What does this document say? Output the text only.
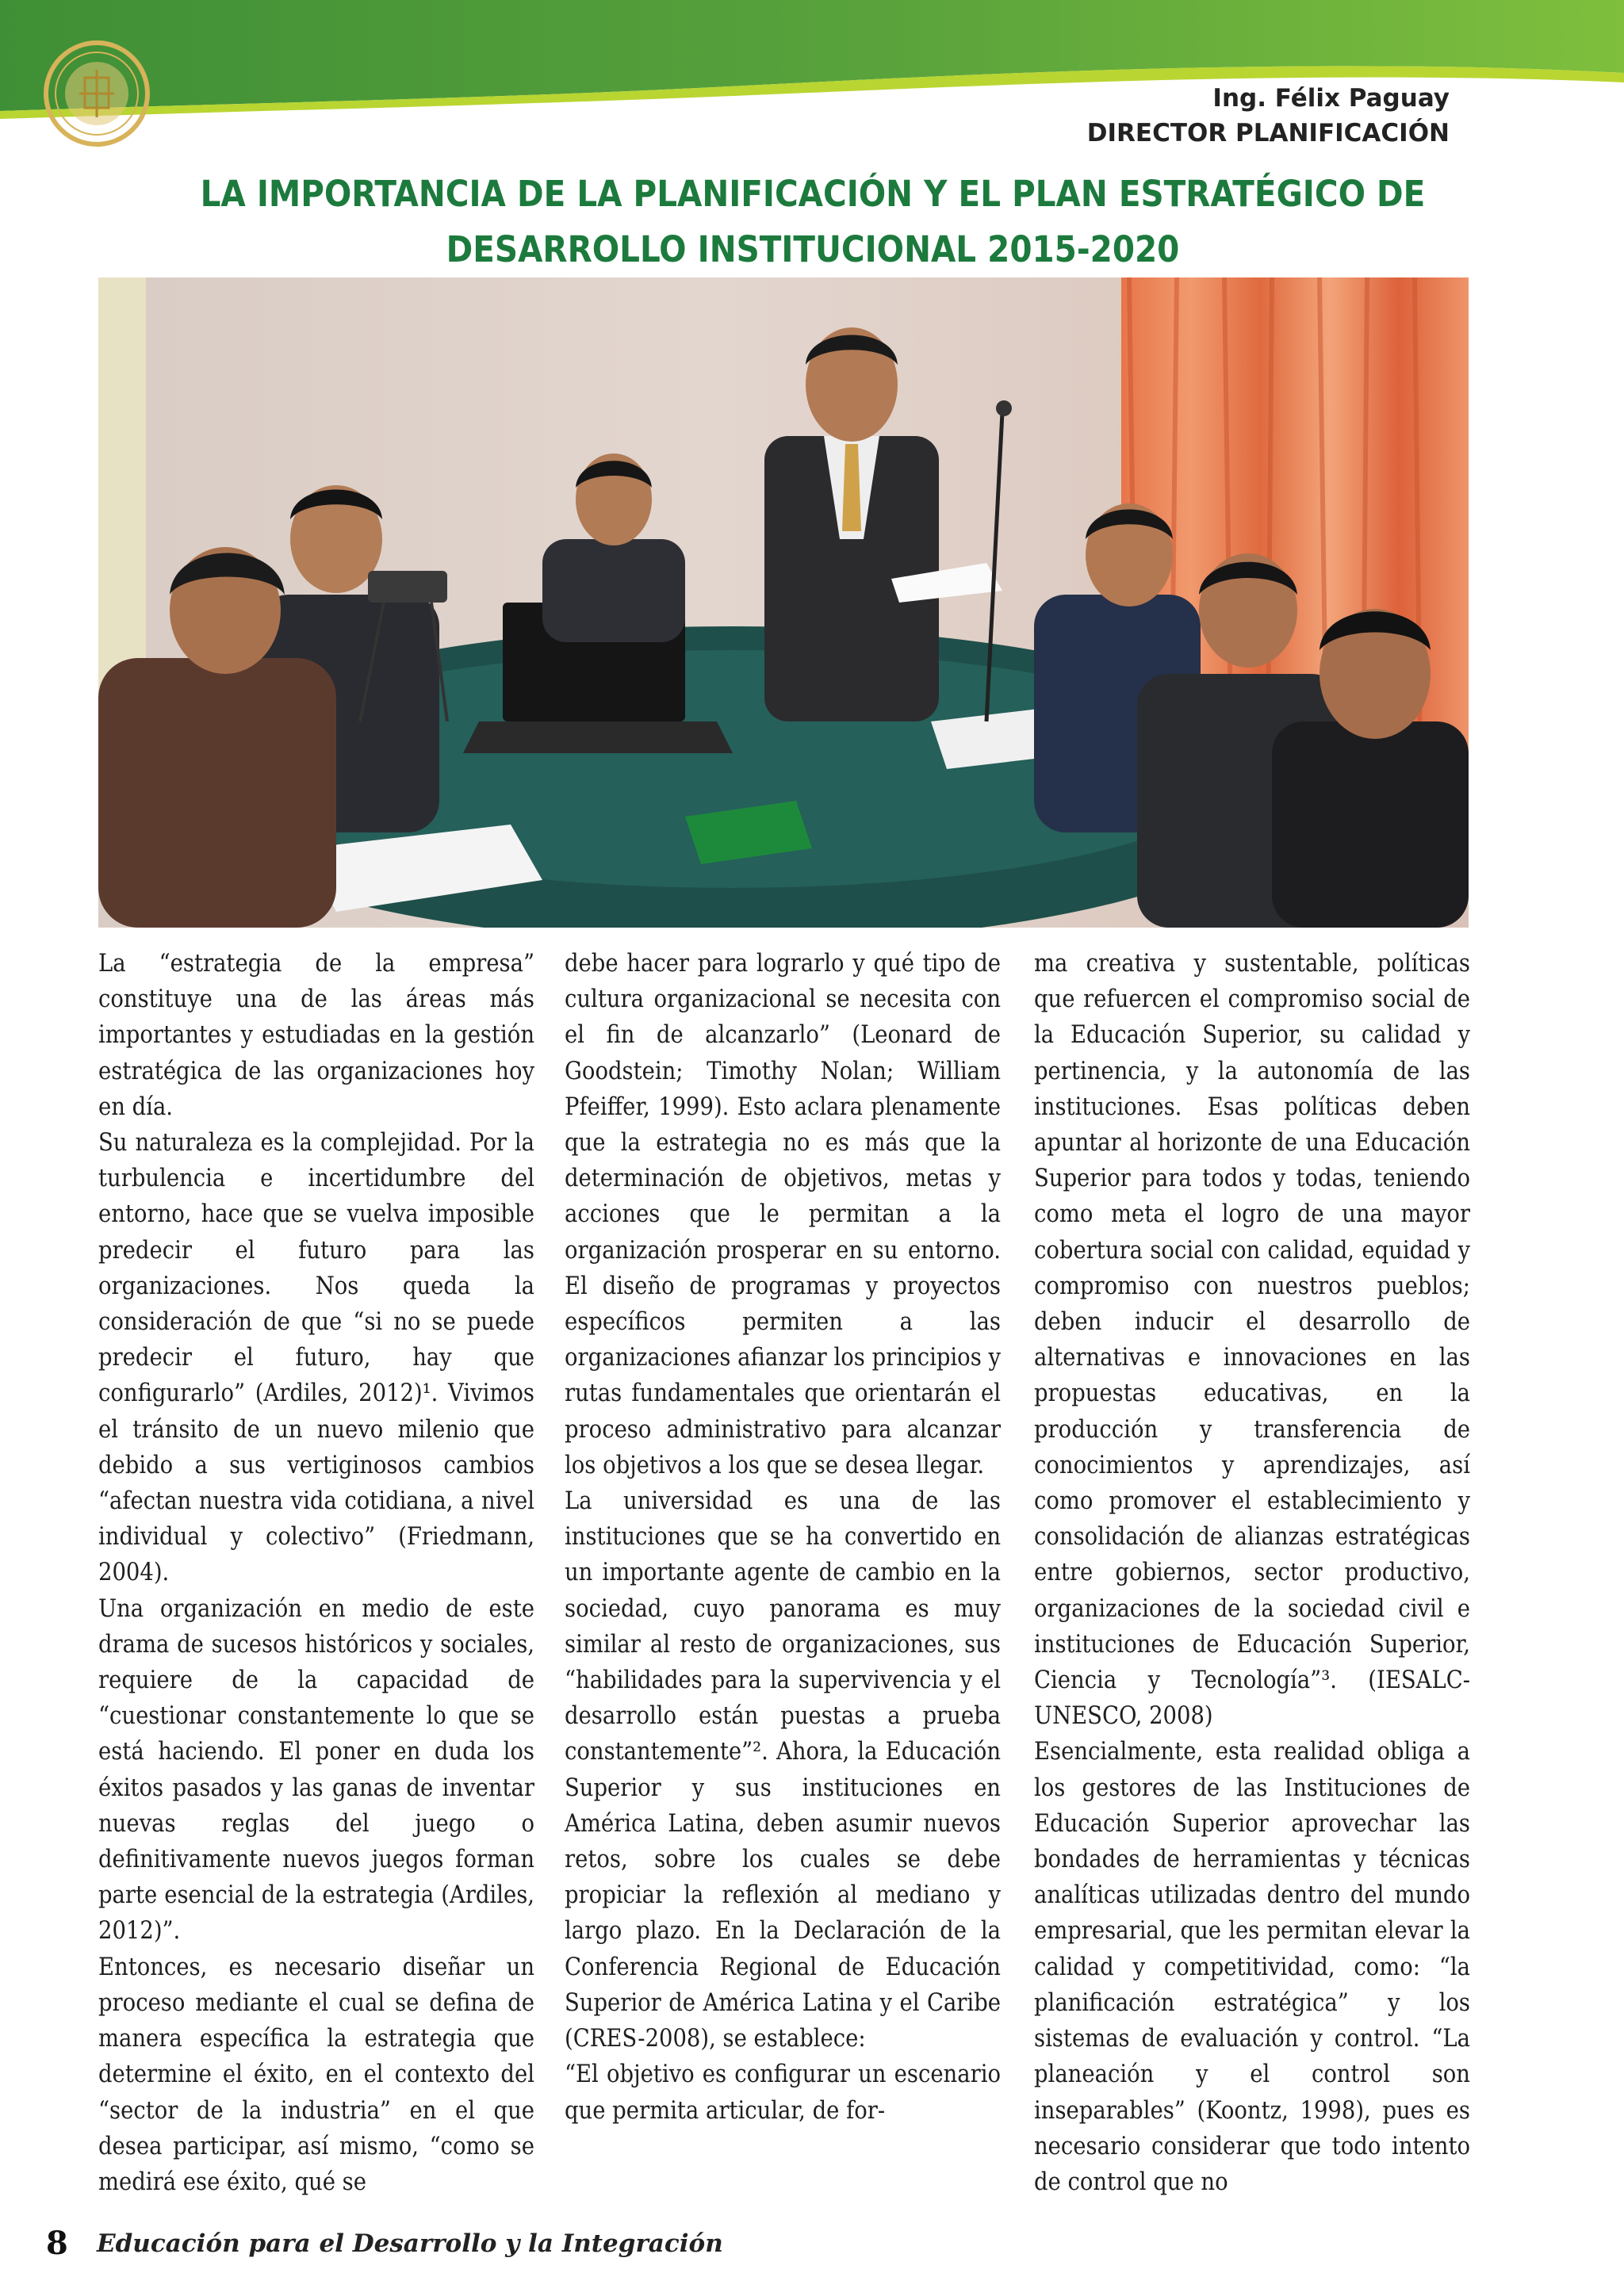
Ing. Félix Paguay
DIRECTOR PLANIFICACIÓN
LA IMPORTANCIA DE LA PLANIFICACIÓN Y EL PLAN ESTRATÉGICO DE
DESARROLLO INSTITUCIONAL 2015-2020

La “estrategia de la empresa” constituye una de las áreas más importantes y estudiadas en la gestión estratégica de las organizaciones hoy en día.

Su naturaleza es la complejidad. Por la turbulencia e incertidumbre del entorno, hace que se vuelva imposible predecir el futuro para las organizaciones. Nos queda la consideración de que “si no se puede predecir el futuro, hay que configurarlo” (Ardiles, 2012)¹. Vivimos el tránsito de un nuevo milenio que debido a sus vertiginosos cambios “afectan nuestra vida cotidiana, a nivel individual y colectivo” (Friedmann, 2004).

Una organización en medio de este drama de sucesos históricos y sociales, requiere de la capacidad de “cuestionar constantemente lo que se está haciendo. El poner en duda los éxitos pasados y las ganas de inventar nuevas reglas del juego o definitivamente nuevos juegos forman parte esencial de la estrategia (Ardiles, 2012)”.

Entonces, es necesario diseñar un proceso mediante el cual se defina de manera específica la estrategia que determine el éxito, en el contexto del “sector de la industria” en el que desea participar, así mismo, “como se medirá ese éxito, qué se

debe hacer para lograrlo y qué tipo de cultura organizacional se necesita con el fin de alcanzarlo” (Leonard de Goodstein; Timothy Nolan; William Pfeiffer, 1999). Esto aclara plenamente que la estrategia no es más que la determinación de objetivos, metas y acciones que le permitan a la organización prosperar en su entorno. El diseño de programas y proyectos específicos permiten a las organizaciones afianzar los principios y rutas fundamentales que orientarán el proceso administrativo para alcanzar los objetivos a los que se desea llegar.

La universidad es una de las instituciones que se ha convertido en un importante agente de cambio en la sociedad, cuyo panorama es muy similar al resto de organizaciones, sus “habilidades para la supervivencia y el desarrollo están puestas a prueba constantemente”². Ahora, la Educación Superior y sus instituciones en América Latina, deben asumir nuevos retos, sobre los cuales se debe propiciar la reflexión al mediano y largo plazo. En la Declaración de la Conferencia Regional de Educación Superior de América Latina y el Caribe (CRES-2008), se establece:

“El objetivo es configurar un escenario que permita articular, de for-

ma creativa y sustentable, políticas que refuercen el compromiso social de la Educación Superior, su calidad y pertinencia, y la autonomía de las instituciones. Esas políticas deben apuntar al horizonte de una Educación Superior para todos y todas, teniendo como meta el logro de una mayor cobertura social con calidad, equidad y compromiso con nuestros pueblos; deben inducir el desarrollo de alternativas e innovaciones en las propuestas educativas, en la producción y transferencia de conocimientos y aprendizajes, así como promover el establecimiento y consolidación de alianzas estratégicas entre gobiernos, sector productivo, organizaciones de la sociedad civil e instituciones de Educación Superior, Ciencia y Tecnología”³. (IESALC-UNESCO, 2008)

Esencialmente, esta realidad obliga a los gestores de las Instituciones de Educación Superior aprovechar las bondades de herramientas y técnicas analíticas utilizadas dentro del mundo empresarial, que les permitan elevar la calidad y competitividad, como: “la planificación estratégica” y los sistemas de evaluación y control. “La planeación y el control son inseparables” (Koontz, 1998), pues es necesario considerar que todo intento de control que no

8 Educación para el Desarrollo y la Integración
